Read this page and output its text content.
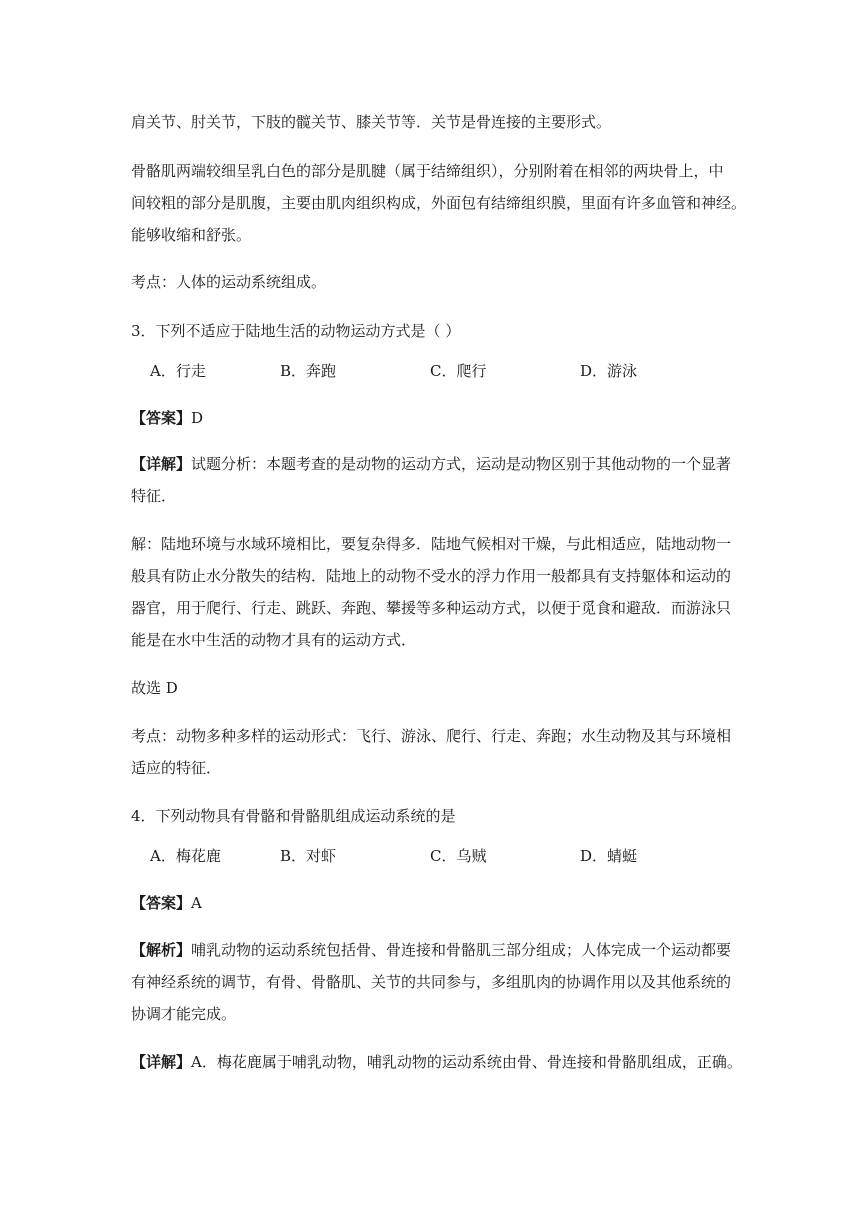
肩关节、肘关节，下肢的髋关节、膝关节等．关节是骨连接的主要形式。
骨骼肌两端较细呈乳白色的部分是肌腱（属于结缔组织），分别附着在相邻的两块骨上，中
间较粗的部分是肌腹，主要由肌肉组织构成，外面包有结缔组织膜，里面有许多血管和神经。
能够收缩和舒张。
考点：人体的运动系统组成。
3．下列不适应于陆地生活的动物运动方式是（ ）
A．行走	B．奔跑	C．爬行	D．游泳
【答案】D
【详解】试题分析：本题考查的是动物的运动方式，运动是动物区别于其他动物的一个显著
特征．
解：陆地环境与水域环境相比，要复杂得多．陆地气候相对干燥，与此相适应，陆地动物一
般具有防止水分散失的结构．陆地上的动物不受水的浮力作用一般都具有支持躯体和运动的
器官，用于爬行、行走、跳跃、奔跑、攀援等多种运动方式，以便于觅食和避敌．而游泳只
能是在水中生活的动物才具有的运动方式．
故选 D
考点：动物多种多样的运动形式：飞行、游泳、爬行、行走、奔跑；水生动物及其与环境相
适应的特征．
4．下列动物具有骨骼和骨骼肌组成运动系统的是
A．梅花鹿	B．对虾	C．乌贼	D．蜻蜓
【答案】A
【解析】哺乳动物的运动系统包括骨、骨连接和骨骼肌三部分组成；人体完成一个运动都要
有神经系统的调节，有骨、骨骼肌、关节的共同参与，多组肌肉的协调作用以及其他系统的
协调才能完成。
【详解】A．梅花鹿属于哺乳动物，哺乳动物的运动系统由骨、骨连接和骨骼肌组成，正确。
